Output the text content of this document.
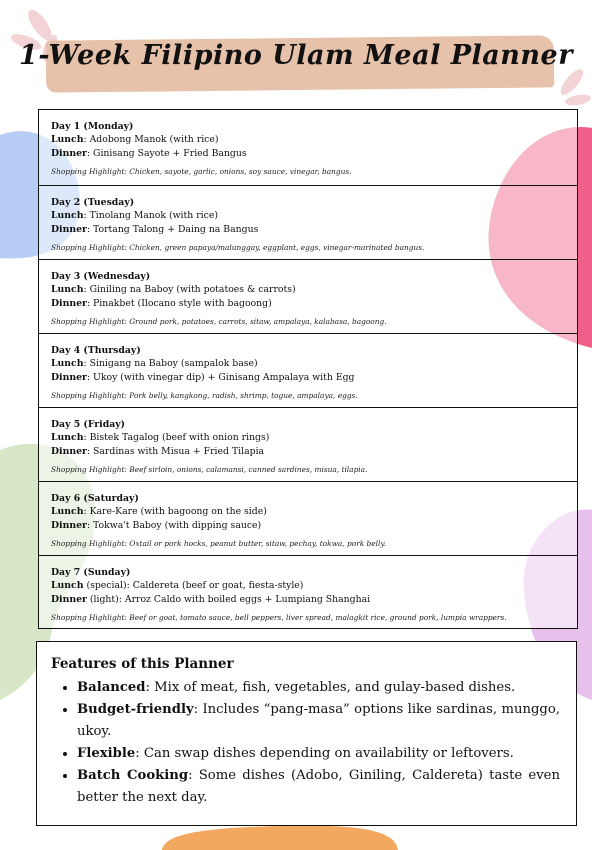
1-Week Filipino Ulam Meal Planner
Day 1 (Monday)
Lunch: Adobong Manok (with rice)
Dinner: Ginisang Sayote + Fried Bangus
Shopping Highlight: Chicken, sayote, garlic, onions, soy sauce, vinegar, bangus.
Day 2 (Tuesday)
Lunch: Tinolang Manok (with rice)
Dinner: Tortang Talong + Daing na Bangus
Shopping Highlight: Chicken, green papaya/malunggay, eggplant, eggs, vinegar-marinated bangus.
Day 3 (Wednesday)
Lunch: Giniling na Baboy (with potatoes & carrots)
Dinner: Pinakbet (Ilocano style with bagoong)
Shopping Highlight: Ground pork, potatoes, carrots, sitaw, ampalaya, kalabasa, bagoong.
Day 4 (Thursday)
Lunch: Sinigang na Baboy (sampalok base)
Dinner: Ukoy (with vinegar dip) + Ginisang Ampalaya with Egg
Shopping Highlight: Pork belly, kangkong, radish, shrimp, togue, ampalaya, eggs.
Day 5 (Friday)
Lunch: Bistek Tagalog (beef with onion rings)
Dinner: Sardinas with Misua + Fried Tilapia
Shopping Highlight: Beef sirloin, onions, calamansi, canned sardines, misua, tilapia.
Day 6 (Saturday)
Lunch: Kare-Kare (with bagoong on the side)
Dinner: Tokwa't Baboy (with dipping sauce)
Shopping Highlight: Oxtail or pork hocks, peanut butter, sitaw, pechay, tokwa, pork belly.
Day 7 (Sunday)
Lunch (special): Caldereta (beef or goat, fiesta-style)
Dinner (light): Arroz Caldo with boiled eggs + Lumpiang Shanghai
Shopping Highlight: Beef or goat, tomato sauce, bell peppers, liver spread, malagkit rice, ground pork, lumpia wrappers.
Features of this Planner
• Balanced: Mix of meat, fish, vegetables, and gulay-based dishes.
• Budget-friendly: Includes “pang-masa” options like sardinas, munggo, ukoy.
• Flexible: Can swap dishes depending on availability or leftovers.
• Batch Cooking: Some dishes (Adobo, Giniling, Caldereta) taste even better the next day.
